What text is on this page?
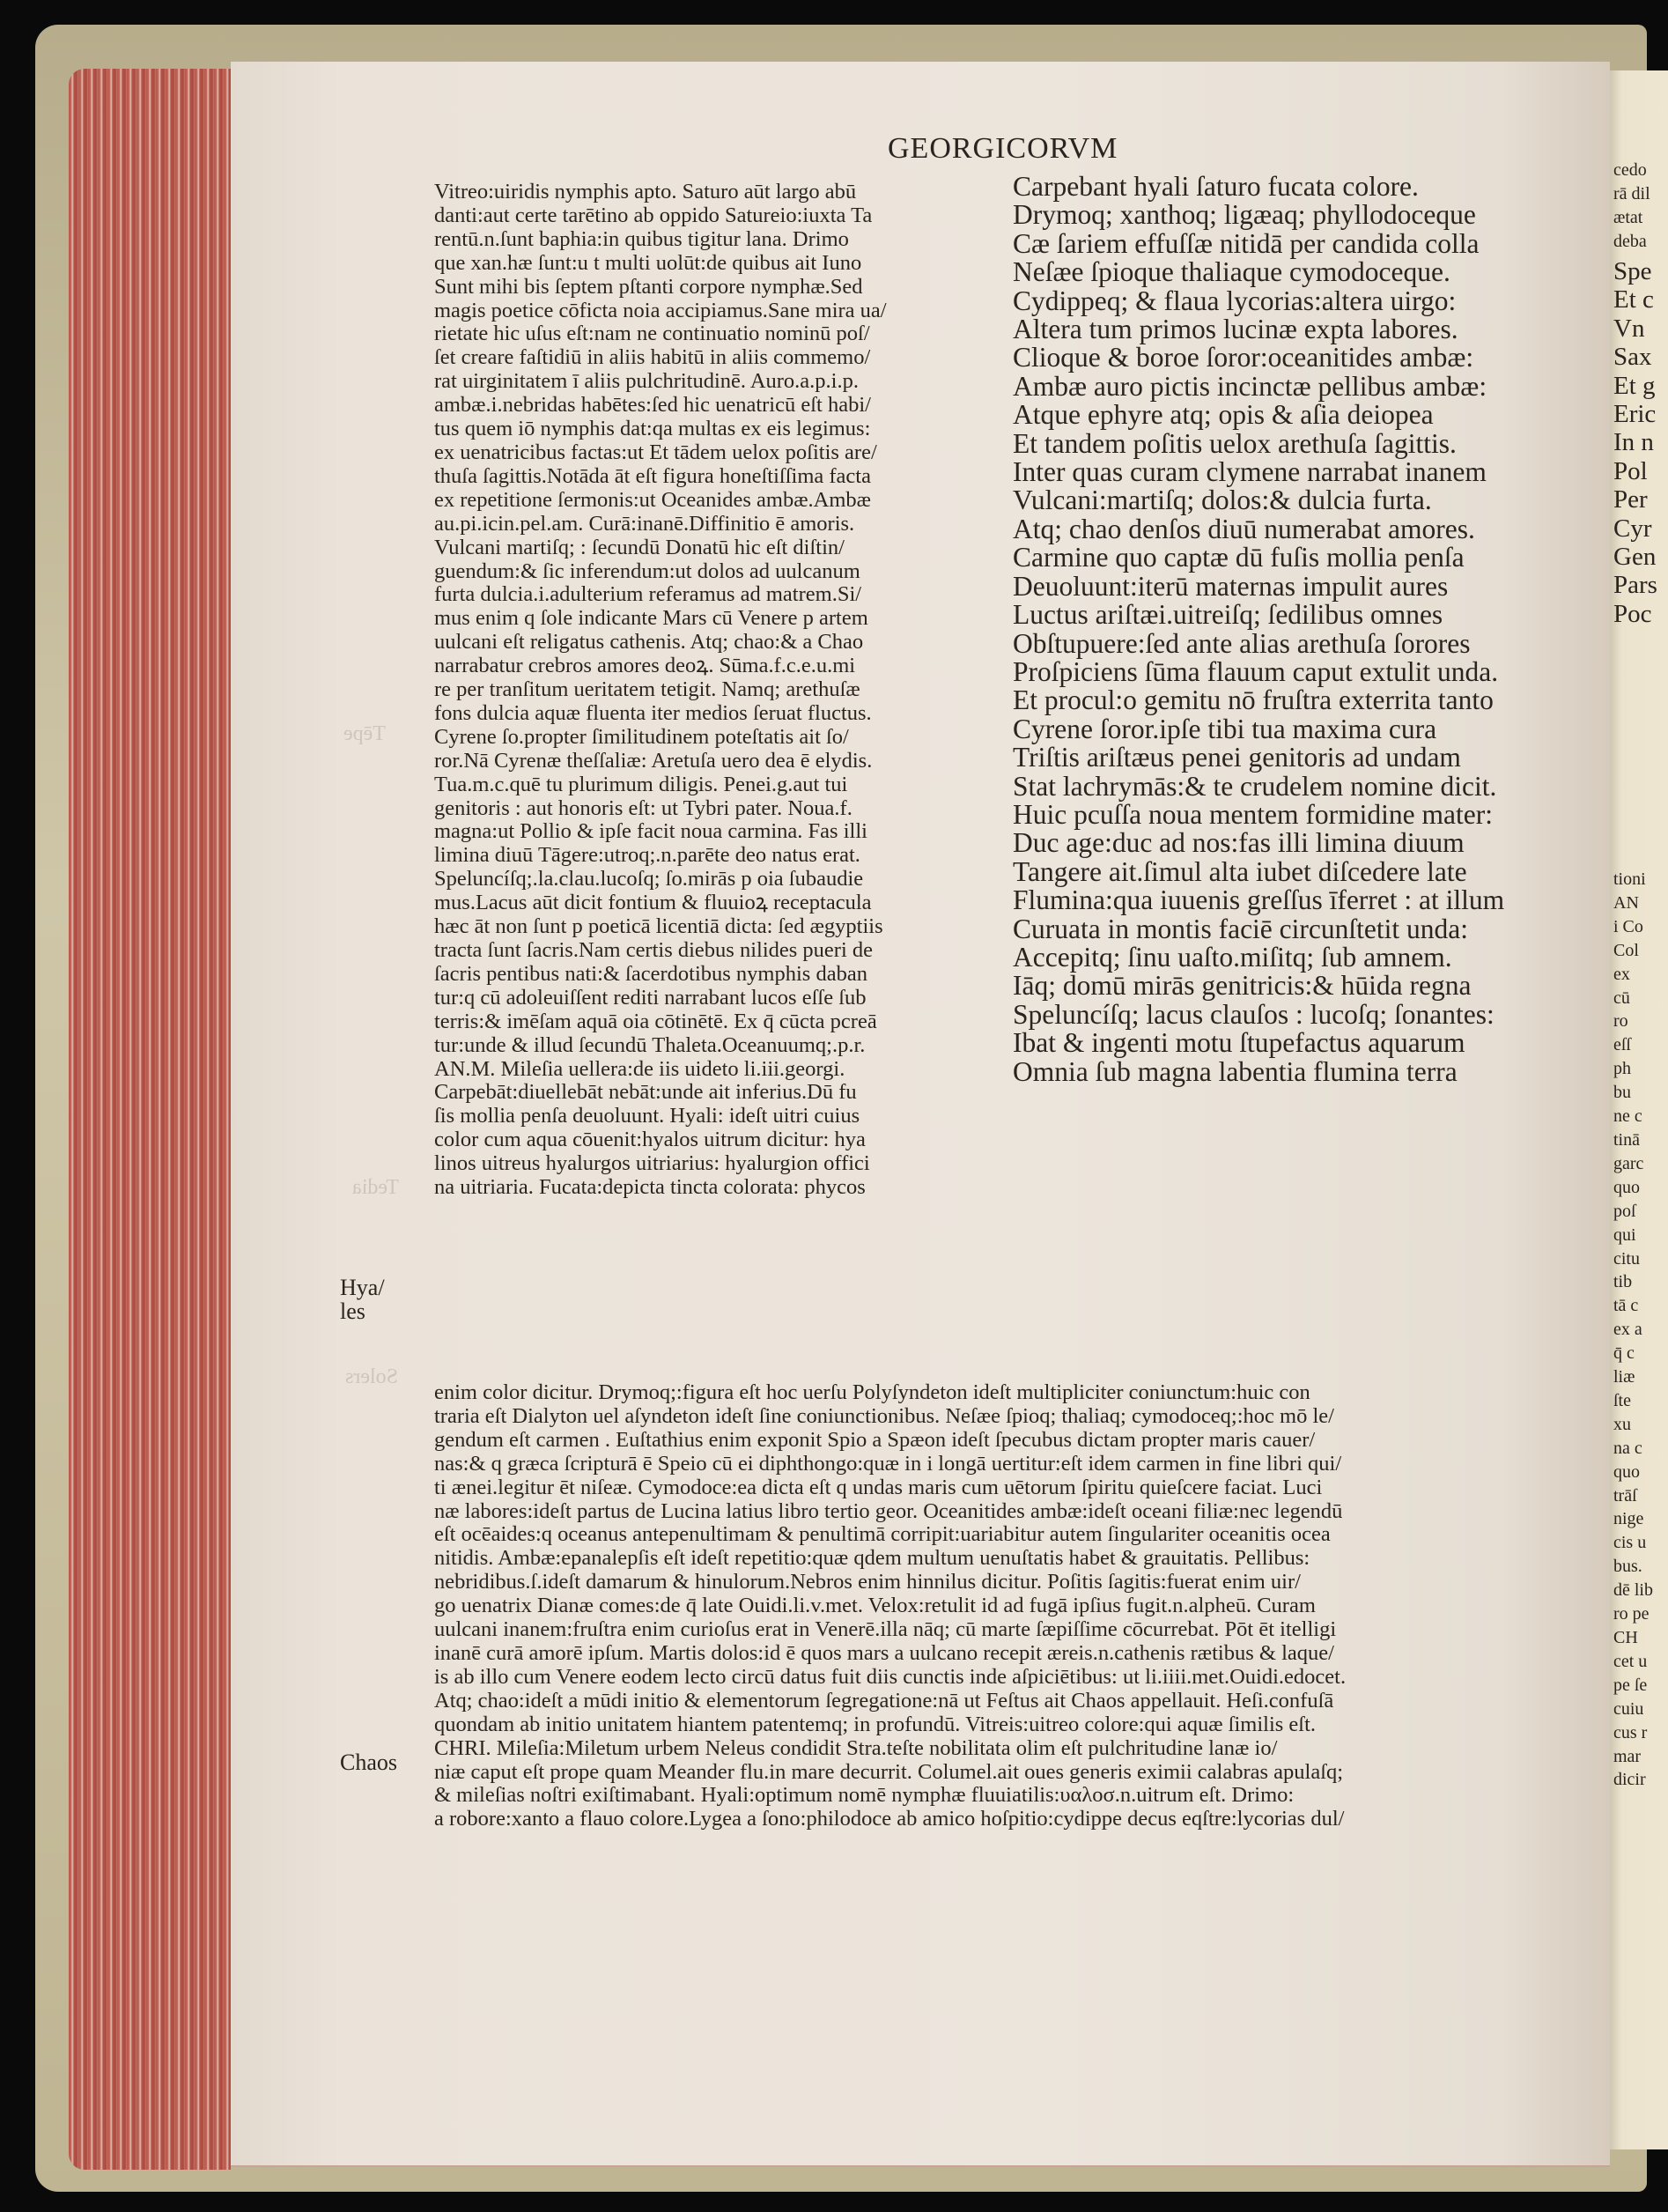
Tēpe
Tedia
Solers
GEORGICORVM
Vitreo:uiridis nymphis apto. Saturo aūt largo abū
danti:aut certe tarētino ab oppido Satureio:iuxta Ta
rentū.n.ſunt baphia:in quibus tigitur lana. Drimo
que xan.hæ ſunt:u t multi uolūt:de quibus ait Iuno
Sunt mihi bis ſeptem pſtanti corpore nymphæ.Sed
magis poetice cōficta noia accipiamus.Sane mira ua/
rietate hic uſus eſt:nam ne continuatio nominū poſ/
ſet creare faſtidiū in aliis habitū in aliis commemo/
rat uirginitatem ī aliis pulchritudinē. Auro.a.p.i.p.
ambæ.i.nebridas habētes:ſed hic uenatricū eſt habi/
tus quem iō nymphis dat:qa multas ex eis legimus:
ex uenatricibus factas:ut Et tādem uelox poſitis are/
thuſa ſagittis.Notāda āt eſt figura honeſtiſſima facta
ex repetitione ſermonis:ut Oceanides ambæ.Ambæ
au.pi.icin.pel.am. Curā:inanē.Diffinitio ē amoris.
Vulcani martiſq; : ſecundū Donatū hic eſt diſtin/
guendum:& ſic inferendum:ut dolos ad uulcanum
furta dulcia.i.adulterium referamus ad matrem.Si/
mus enim q ſole indicante Mars cū Venere p artem
uulcani eſt religatus cathenis. Atq; chao:& a Chao
narrabatur crebros amores deoꝝ. Sūma.f.c.e.u.mi
re per tranſitum ueritatem tetigit. Namq; arethuſæ
fons dulcia aquæ fluenta iter medios ſeruat fluctus.
Cyrene ſo.propter ſimilitudinem poteſtatis ait ſo/
ror.Nā Cyrenæ theſſaliæ: Aretuſa uero dea ē elydis.
Tua.m.c.quē tu plurimum diligis. Penei.g.aut tui
genitoris : aut honoris eſt: ut Tybri pater. Noua.f.
magna:ut Pollio & ipſe facit noua carmina. Fas illi
limina diuū Tāgere:utroq;.n.parēte deo natus erat.
Speluncíſq;.la.clau.lucoſq; ſo.mirās p oia ſubaudie
mus.Lacus aūt dicit fontium & fluuioꝝ receptacula
hæc āt non ſunt p poeticā licentiā dicta: ſed ægyptiis
tracta ſunt ſacris.Nam certis diebus nilides pueri de
ſacris pentibus nati:& ſacerdotibus nymphis daban
tur:q cū adoleuiſſent rediti narrabant lucos eſſe ſub
terris:& imēſam aquā oia cōtinētē. Ex q̄ cūcta pcreā
tur:unde & illud ſecundū Thaleta.Oceanuumq;.p.r.
AN.M. Mileſia uellera:de iis uideto li.iii.georgi.
Carpebāt:diuellebāt nebāt:unde ait inferius.Dū fu
ſis mollia penſa deuoluunt. Hyali: ideſt uitri cuius
color cum aqua cōuenit:hyalos uitrum dicitur: hya
linos uitreus hyalurgos uitriarius: hyalurgion offici
na uitriaria. Fucata:depicta tincta colorata: phycos
Carpebant hyali ſaturo fucata colore.
Drymoq; xanthoq; ligæaq; phyllodoceque
Cæ ſariem effuſſæ nitidā per candida colla
Neſæe ſpioque thaliaque cymodoceque.
Cydippeq; & flaua lycorias:altera uirgo:
Altera tum primos lucinæ expta labores.
Clioque & boroe ſoror:oceanitides ambæ:
Ambæ auro pictis incinctæ pellibus ambæ:
Atque ephyre atq; opis & aſia deiopea
Et tandem poſitis uelox arethuſa ſagittis.
Inter quas curam clymene narrabat inanem
Vulcani:martiſq; dolos:& dulcia furta.
Atq; chao denſos diuū numerabat amores.
Carmine quo captæ dū fuſis mollia penſa
Deuoluunt:iterū maternas impulit aures
Luctus ariſtæi.uitreiſq; ſedilibus omnes
Obſtupuere:ſed ante alias arethuſa ſorores
Proſpiciens ſūma flauum caput extulit unda.
Et procul:o gemitu nō fruſtra exterrita tanto
Cyrene ſoror.ipſe tibi tua maxima cura
Triſtis ariſtæus penei genitoris ad undam
Stat lachrymās:& te crudelem nomine dicit.
Huic pcuſſa noua mentem formidine mater:
Duc age:duc ad nos:fas illi limina diuum
Tangere ait.ſimul alta iubet diſcedere late
Flumina:qua iuuenis greſſus īferret : at illum
Curuata in montis faciē circunſtetit unda:
Accepitq; ſinu uaſto.miſitq; ſub amnem.
Iāq; domū mirās genitricis:& hūida regna
Speluncíſq; lacus clauſos : lucoſq; ſonantes:
Ibat & ingenti motu ſtupefactus aquarum
Omnia ſub magna labentia flumina terra
enim color dicitur. Drymoq;:figura eſt hoc uerſu Polyſyndeton ideſt multipliciter coniunctum:huic con
traria eſt Dialyton uel aſyndeton ideſt ſine coniunctionibus. Neſæe ſpioq; thaliaq; cymodoceq;:hoc mō le/
gendum eſt carmen . Euſtathius enim exponit Spio a Spæon ideſt ſpecubus dictam propter maris cauer/
nas:& q græca ſcripturā ē Speio cū ei diphthongo:quæ in i longā uertitur:eſt idem carmen in fine libri qui/
ti ænei.legitur ēt niſeæ. Cymodoce:ea dicta eſt q undas maris cum uētorum ſpiritu quieſcere faciat. Luci
næ labores:ideſt partus de Lucina latius libro tertio geor. Oceanitides ambæ:ideſt oceani filiæ:nec legendū
eſt ocēaides:q oceanus antepenultimam & penultimā corripit:uariabitur autem ſingulariter oceanitis ocea
nitidis. Ambæ:epanalepſis eſt ideſt repetitio:quæ qdem multum uenuſtatis habet & grauitatis. Pellibus:
nebridibus.ſ.ideſt damarum & hinulorum.Nebros enim hinnilus dicitur. Poſitis ſagitis:fuerat enim uir/
go uenatrix Dianæ comes:de q̄ late Ouidi.li.v.met. Velox:retulit id ad fugā ipſius fugit.n.alpheū. Curam
uulcani inanem:fruſtra enim curioſus erat in Venerē.illa nāq; cū marte ſæpiſſime cōcurrebat. Pōt ēt itelligi
inanē curā amorē ipſum. Martis dolos:id ē quos mars a uulcano recepit æreis.n.cathenis rætibus & laque/
is ab illo cum Venere eodem lecto circū datus fuit diis cunctis inde aſpiciētibus: ut li.iiii.met.Ouidi.edocet.
Atq; chao:ideſt a mūdi initio & elementorum ſegregatione:nā ut Feſtus ait Chaos appellauit. Heſi.confuſā
quondam ab initio unitatem hiantem patentemq; in profundū. Vitreis:uitreo colore:qui aquæ ſimilis eſt.
CHRI. Mileſia:Miletum urbem Neleus condidit Stra.teſte nobilitata olim eſt pulchritudine lanæ io/
niæ caput eſt prope quam Meander flu.in mare decurrit. Columel.ait oues generis eximii calabras apulaſq;
& mileſias noſtri exiſtimabant. Hyali:optimum nomē nymphæ fluuiatilis:υαλοσ.n.uitrum eſt. Drimo:
a robore:xanto a flauo colore.Lygea a ſono:philodoce ab amico hoſpitio:cydippe decus eqſtre:lycorias dul/
Hya/
les
Chaos
cedo
rā dil
ætat
deba
Spe
Et c
Vn
Sax
Et g
Eric
In n
Pol
Per
Cyr
Gen
Pars
Poc
tioni
AN
i Co
Col
ex
cū
ro
eſſ
ph
bu
ne c
tinā
garc
quo
poſ
qui
citu
tib
tā c
ex a
q̄ c
liæ
ſte
xu
na c
quo
trāſ
nige
cis u
bus.
dē lib
ro pe
CH
cet u
pe ſe
cuiu
cus r
mar
dicir
